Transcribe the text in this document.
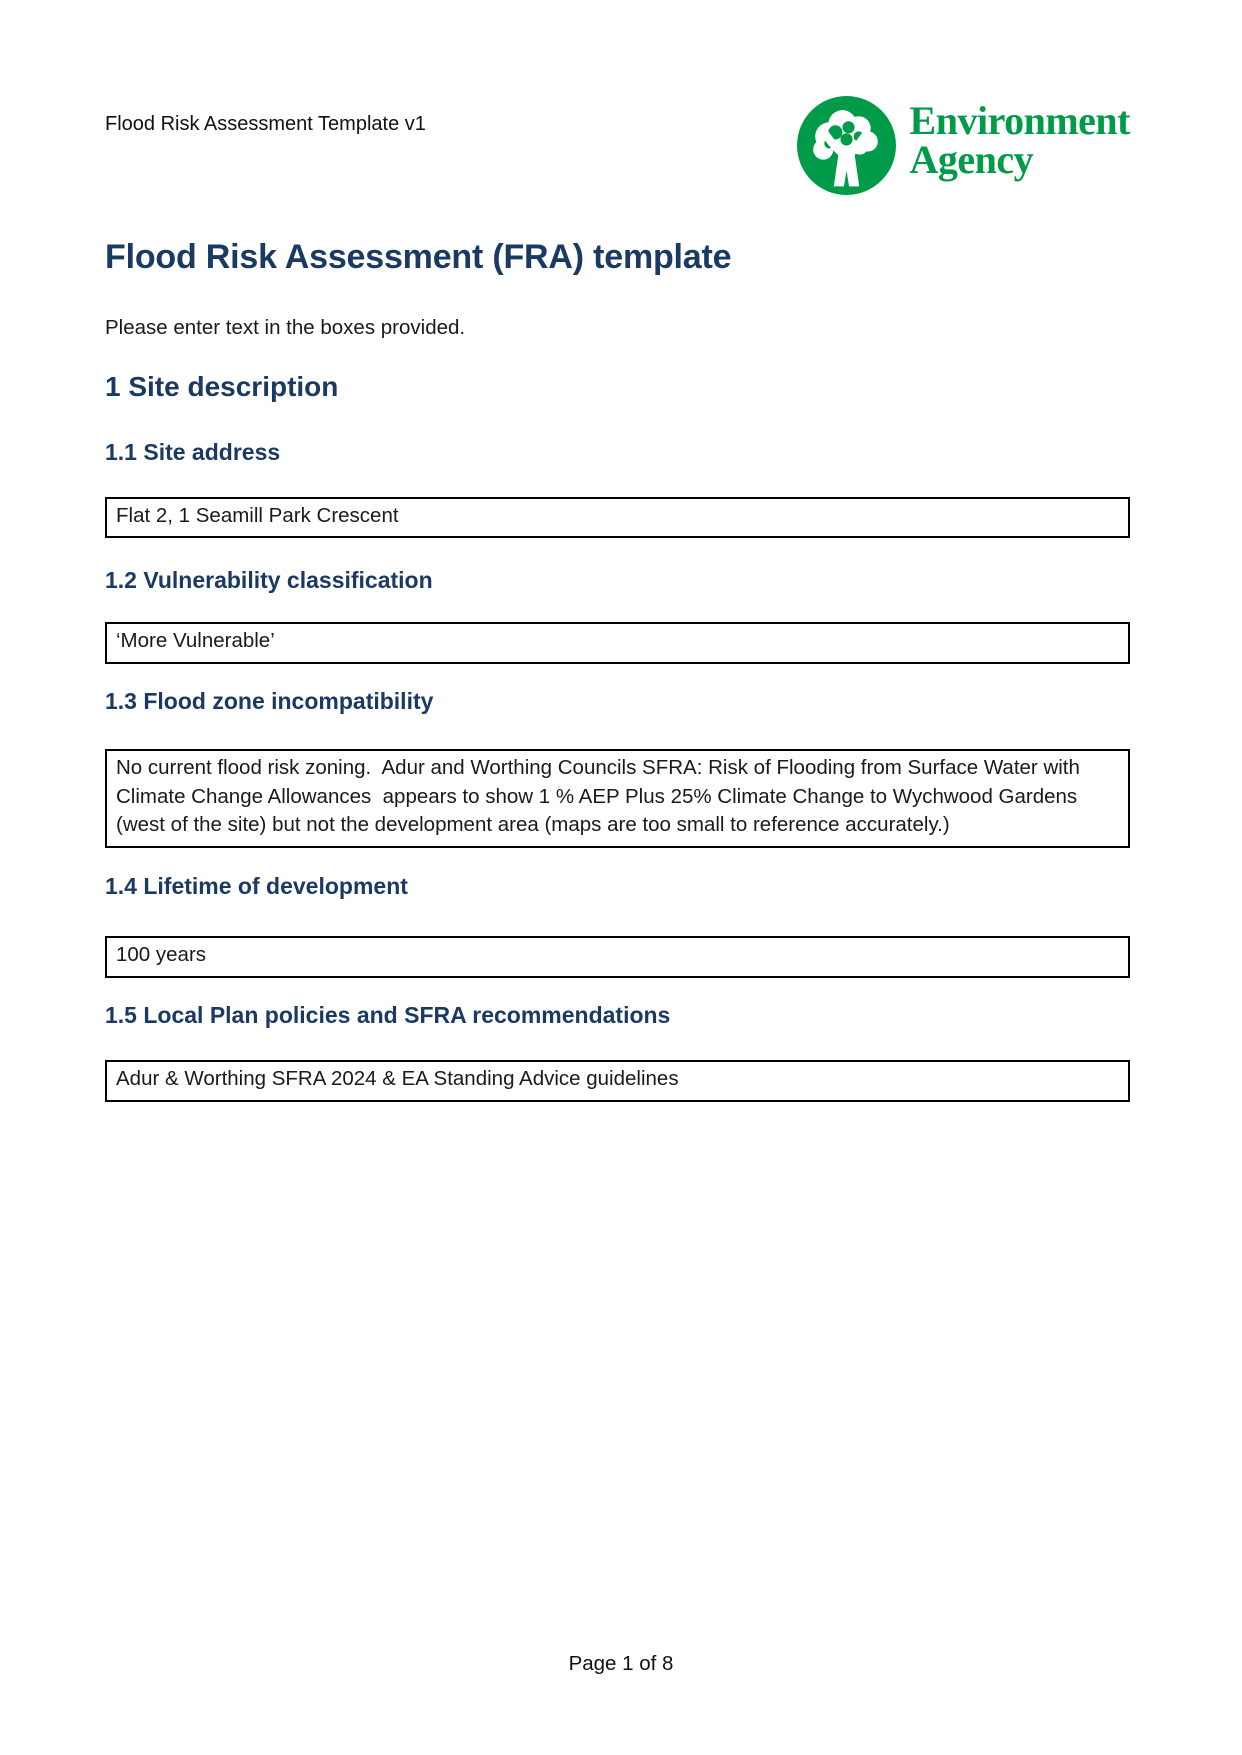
Flood Risk Assessment Template v1	Environment
Agency
Flood Risk Assessment (FRA) template
Please enter text in the boxes provided.
1 Site description
1.1 Site address
Flat 2, 1 Seamill Park Crescent
1.2 Vulnerability classification
‘More Vulnerable’
1.3 Flood zone incompatibility
No current flood risk zoning.  Adur and Worthing Councils SFRA: Risk of Flooding from Surface Water with Climate Change Allowances  appears to show 1 % AEP Plus 25% Climate Change to Wychwood Gardens (west of the site) but not the development area (maps are too small to reference accurately.)
1.4 Lifetime of development
100 years
1.5 Local Plan policies and SFRA recommendations
Adur & Worthing SFRA 2024 & EA Standing Advice guidelines
Page 1 of 8
